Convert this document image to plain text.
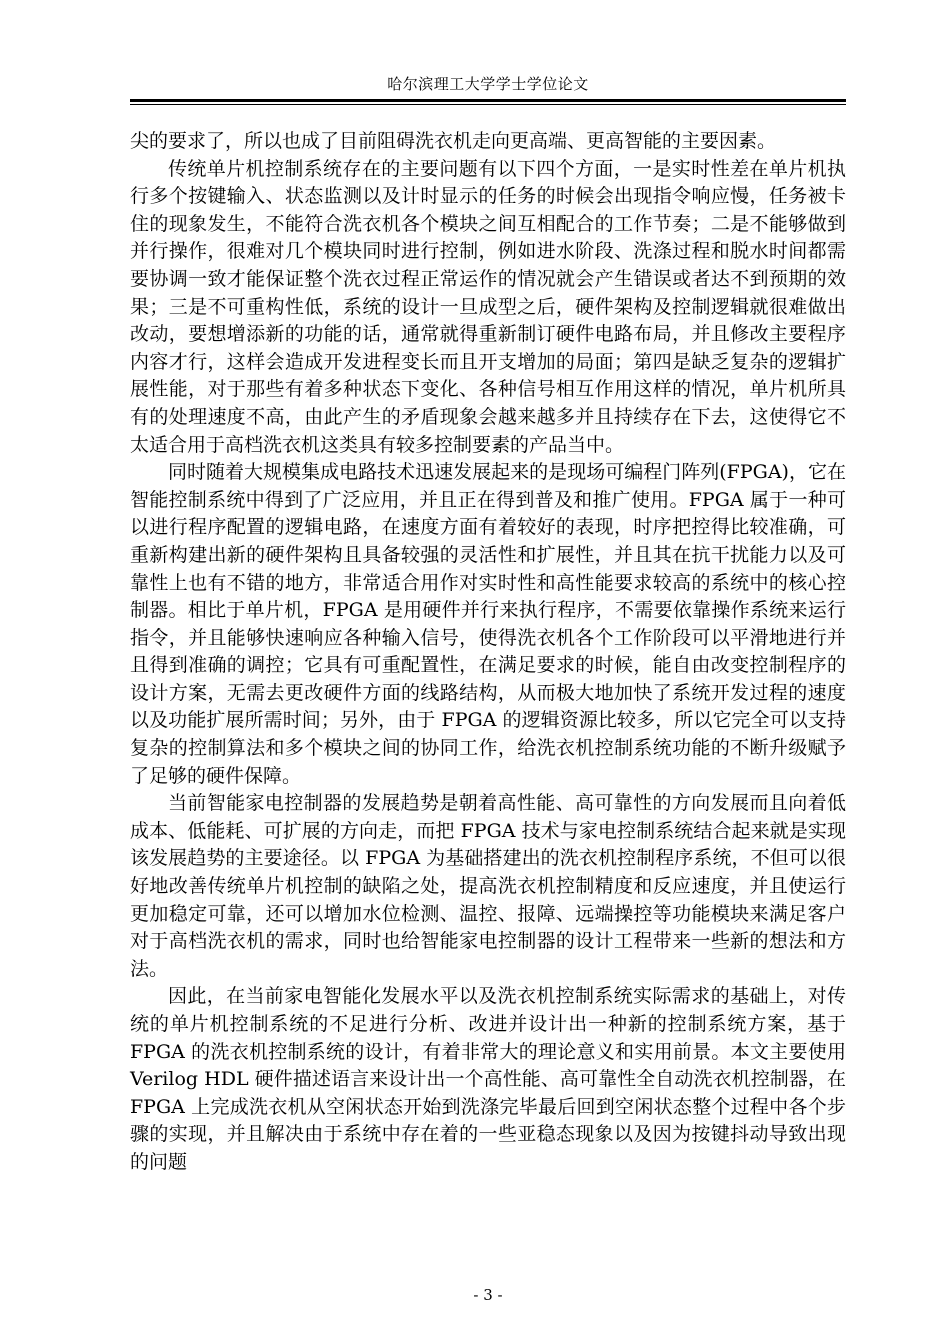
哈尔滨理工大学学士学位论文

尖的要求了，所以也成了目前阻碍洗衣机走向更高端、更高智能的主要因素。

传统单片机控制系统存在的主要问题有以下四个方面，一是实时性差在单片机执行多个按键输入、状态监测以及计时显示的任务的时候会出现指令响应慢，任务被卡住的现象发生，不能符合洗衣机各个模块之间互相配合的工作节奏；二是不能够做到并行操作，很难对几个模块同时进行控制，例如进水阶段、洗涤过程和脱水时间都需要协调一致才能保证整个洗衣过程正常运作的情况就会产生错误或者达不到预期的效果；三是不可重构性低，系统的设计一旦成型之后，硬件架构及控制逻辑就很难做出改动，要想增添新的功能的话，通常就得重新制订硬件电路布局，并且修改主要程序内容才行，这样会造成开发进程变长而且开支增加的局面；第四是缺乏复杂的逻辑扩展性能，对于那些有着多种状态下变化、各种信号相互作用这样的情况，单片机所具有的处理速度不高，由此产生的矛盾现象会越来越多并且持续存在下去，这使得它不太适合用于高档洗衣机这类具有较多控制要素的产品当中。

同时随着大规模集成电路技术迅速发展起来的是现场可编程门阵列(FPGA)，它在智能控制系统中得到了广泛应用，并且正在得到普及和推广使用。FPGA 属于一种可以进行程序配置的逻辑电路，在速度方面有着较好的表现，时序把控得比较准确，可重新构建出新的硬件架构且具备较强的灵活性和扩展性，并且其在抗干扰能力以及可靠性上也有不错的地方，非常适合用作对实时性和高性能要求较高的系统中的核心控制器。相比于单片机，FPGA 是用硬件并行来执行程序，不需要依靠操作系统来运行指令，并且能够快速响应各种输入信号，使得洗衣机各个工作阶段可以平滑地进行并且得到准确的调控；它具有可重配置性，在满足要求的时候，能自由改变控制程序的设计方案，无需去更改硬件方面的线路结构，从而极大地加快了系统开发过程的速度以及功能扩展所需时间；另外，由于 FPGA 的逻辑资源比较多，所以它完全可以支持复杂的控制算法和多个模块之间的协同工作，给洗衣机控制系统功能的不断升级赋予了足够的硬件保障。

当前智能家电控制器的发展趋势是朝着高性能、高可靠性的方向发展而且向着低成本、低能耗、可扩展的方向走，而把 FPGA 技术与家电控制系统结合起来就是实现该发展趋势的主要途径。以 FPGA 为基础搭建出的洗衣机控制程序系统，不但可以很好地改善传统单片机控制的缺陷之处，提高洗衣机控制精度和反应速度，并且使运行更加稳定可靠，还可以增加水位检测、温控、报障、远端操控等功能模块来满足客户对于高档洗衣机的需求，同时也给智能家电控制器的设计工程带来一些新的想法和方法。

因此，在当前家电智能化发展水平以及洗衣机控制系统实际需求的基础上，对传统的单片机控制系统的不足进行分析、改进并设计出一种新的控制系统方案，基于 FPGA 的洗衣机控制系统的设计，有着非常大的理论意义和实用前景。本文主要使用 Verilog HDL 硬件描述语言来设计出一个高性能、高可靠性全自动洗衣机控制器，在 FPGA 上完成洗衣机从空闲状态开始到洗涤完毕最后回到空闲状态整个过程中各个步骤的实现，并且解决由于系统中存在着的一些亚稳态现象以及因为按键抖动导致出现的问题

- 3 -
